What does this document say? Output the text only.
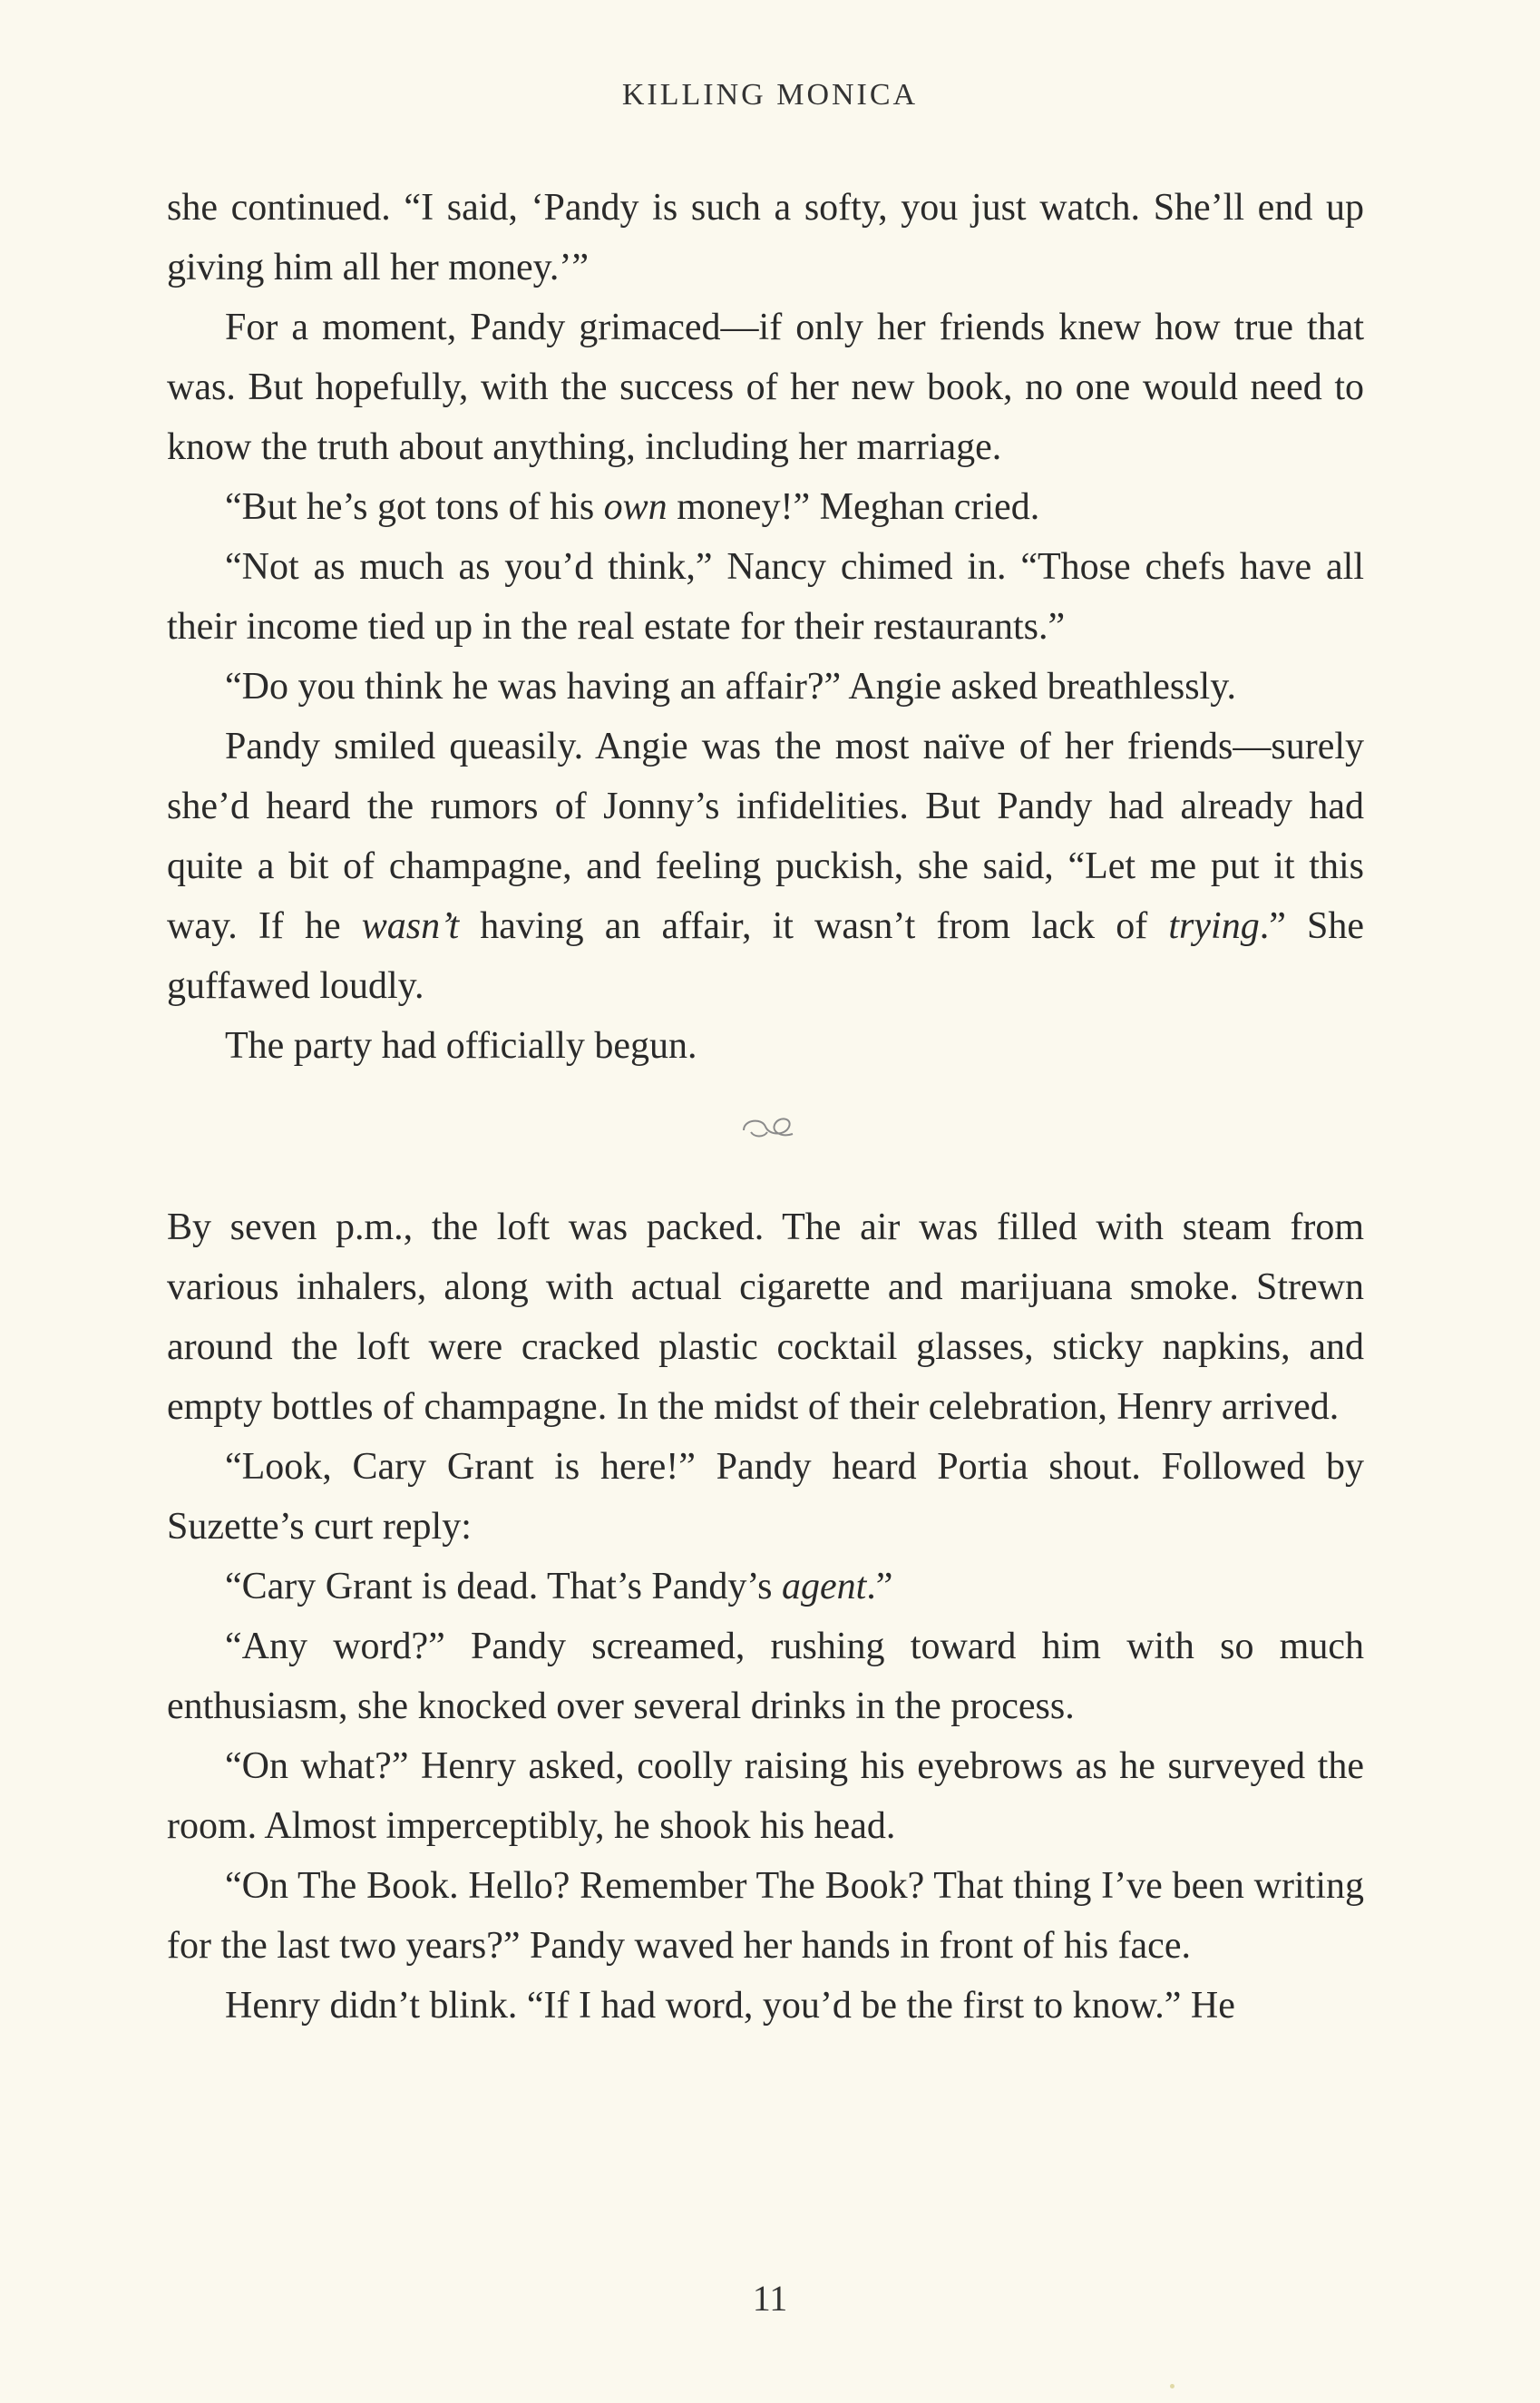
KILLING MONICA

she continued. “I said, ‘Pandy is such a softy, you just watch. She’ll end up giving him all her money.’”

For a moment, Pandy grimaced—if only her friends knew how true that was. But hopefully, with the success of her new book, no one would need to know the truth about anything, including her marriage.

“But he’s got tons of his own money!” Meghan cried.

“Not as much as you’d think,” Nancy chimed in. “Those chefs have all their income tied up in the real estate for their restaurants.”

“Do you think he was having an affair?” Angie asked breathlessly.

Pandy smiled queasily. Angie was the most naïve of her friends—surely she’d heard the rumors of Jonny’s infidelities. But Pandy had already had quite a bit of champagne, and feeling puckish, she said, “Let me put it this way. If he wasn’t having an affair, it wasn’t from lack of trying.” She guffawed loudly.

The party had officially begun.

By seven p.m., the loft was packed. The air was filled with steam from various inhalers, along with actual cigarette and marijuana smoke. Strewn around the loft were cracked plastic cocktail glasses, sticky napkins, and empty bottles of champagne. In the midst of their celebration, Henry arrived.

“Look, Cary Grant is here!” Pandy heard Portia shout. Followed by Suzette’s curt reply:

“Cary Grant is dead. That’s Pandy’s agent.”

“Any word?” Pandy screamed, rushing toward him with so much enthusiasm, she knocked over several drinks in the process.

“On what?” Henry asked, coolly raising his eyebrows as he surveyed the room. Almost imperceptibly, he shook his head.

“On The Book. Hello? Remember The Book? That thing I’ve been writing for the last two years?” Pandy waved her hands in front of his face.

Henry didn’t blink. “If I had word, you’d be the first to know.” He

11
